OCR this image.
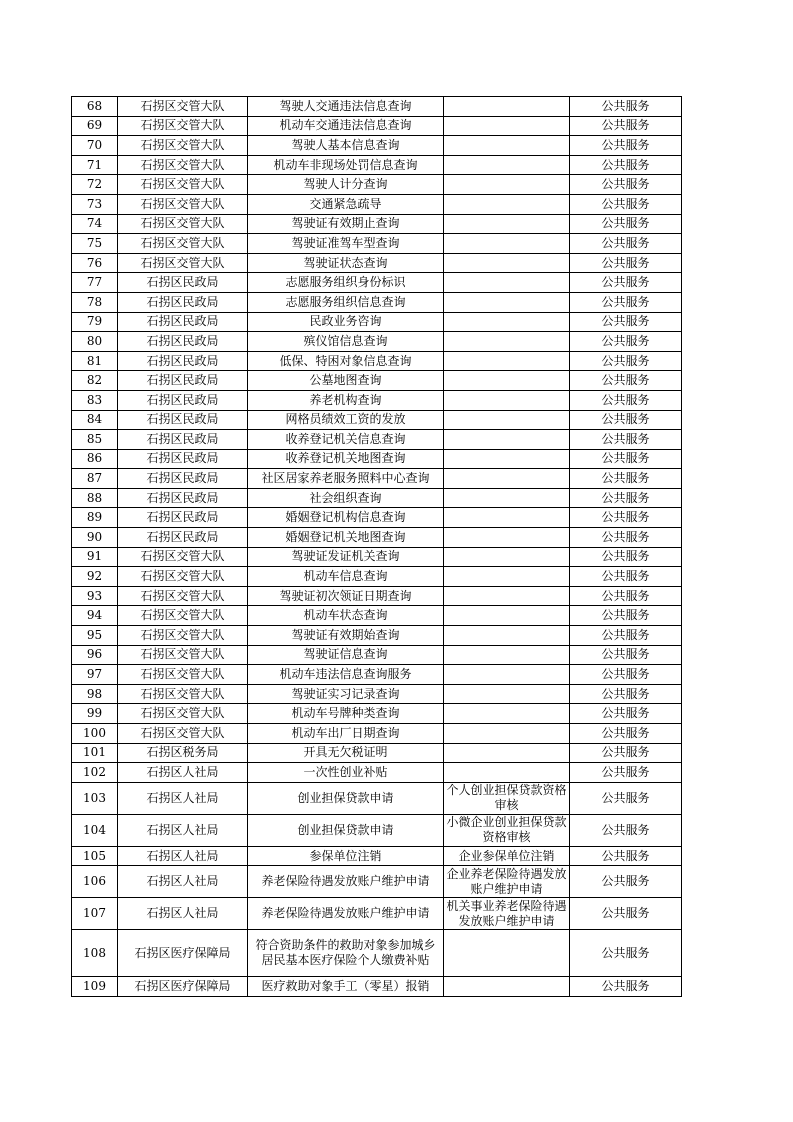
68	石拐区交管大队	驾驶人交通违法信息查询		公共服务
69	石拐区交管大队	机动车交通违法信息查询		公共服务
70	石拐区交管大队	驾驶人基本信息查询		公共服务
71	石拐区交管大队	机动车非现场处罚信息查询		公共服务
72	石拐区交管大队	驾驶人计分查询		公共服务
73	石拐区交管大队	交通紧急疏导		公共服务
74	石拐区交管大队	驾驶证有效期止查询		公共服务
75	石拐区交管大队	驾驶证准驾车型查询		公共服务
76	石拐区交管大队	驾驶证状态查询		公共服务
77	石拐区民政局	志愿服务组织身份标识		公共服务
78	石拐区民政局	志愿服务组织信息查询		公共服务
79	石拐区民政局	民政业务咨询		公共服务
80	石拐区民政局	殡仪馆信息查询		公共服务
81	石拐区民政局	低保、特困对象信息查询		公共服务
82	石拐区民政局	公墓地图查询		公共服务
83	石拐区民政局	养老机构查询		公共服务
84	石拐区民政局	网格员绩效工资的发放		公共服务
85	石拐区民政局	收养登记机关信息查询		公共服务
86	石拐区民政局	收养登记机关地图查询		公共服务
87	石拐区民政局	社区居家养老服务照料中心查询		公共服务
88	石拐区民政局	社会组织查询		公共服务
89	石拐区民政局	婚姻登记机构信息查询		公共服务
90	石拐区民政局	婚姻登记机关地图查询		公共服务
91	石拐区交管大队	驾驶证发证机关查询		公共服务
92	石拐区交管大队	机动车信息查询		公共服务
93	石拐区交管大队	驾驶证初次领证日期查询		公共服务
94	石拐区交管大队	机动车状态查询		公共服务
95	石拐区交管大队	驾驶证有效期始查询		公共服务
96	石拐区交管大队	驾驶证信息查询		公共服务
97	石拐区交管大队	机动车违法信息查询服务		公共服务
98	石拐区交管大队	驾驶证实习记录查询		公共服务
99	石拐区交管大队	机动车号牌种类查询		公共服务
100	石拐区交管大队	机动车出厂日期查询		公共服务
101	石拐区税务局	开具无欠税证明		公共服务
102	石拐区人社局	一次性创业补贴		公共服务
103	石拐区人社局	创业担保贷款申请	个人创业担保贷款资格审核	公共服务
104	石拐区人社局	创业担保贷款申请	小微企业创业担保贷款资格审核	公共服务
105	石拐区人社局	参保单位注销	企业参保单位注销	公共服务
106	石拐区人社局	养老保险待遇发放账户维护申请	企业养老保险待遇发放账户维护申请	公共服务
107	石拐区人社局	养老保险待遇发放账户维护申请	机关事业养老保险待遇发放账户维护申请	公共服务
108	石拐区医疗保障局	符合资助条件的救助对象参加城乡居民基本医疗保险个人缴费补贴		公共服务
109	石拐区医疗保障局	医疗救助对象手工（零星）报销		公共服务
